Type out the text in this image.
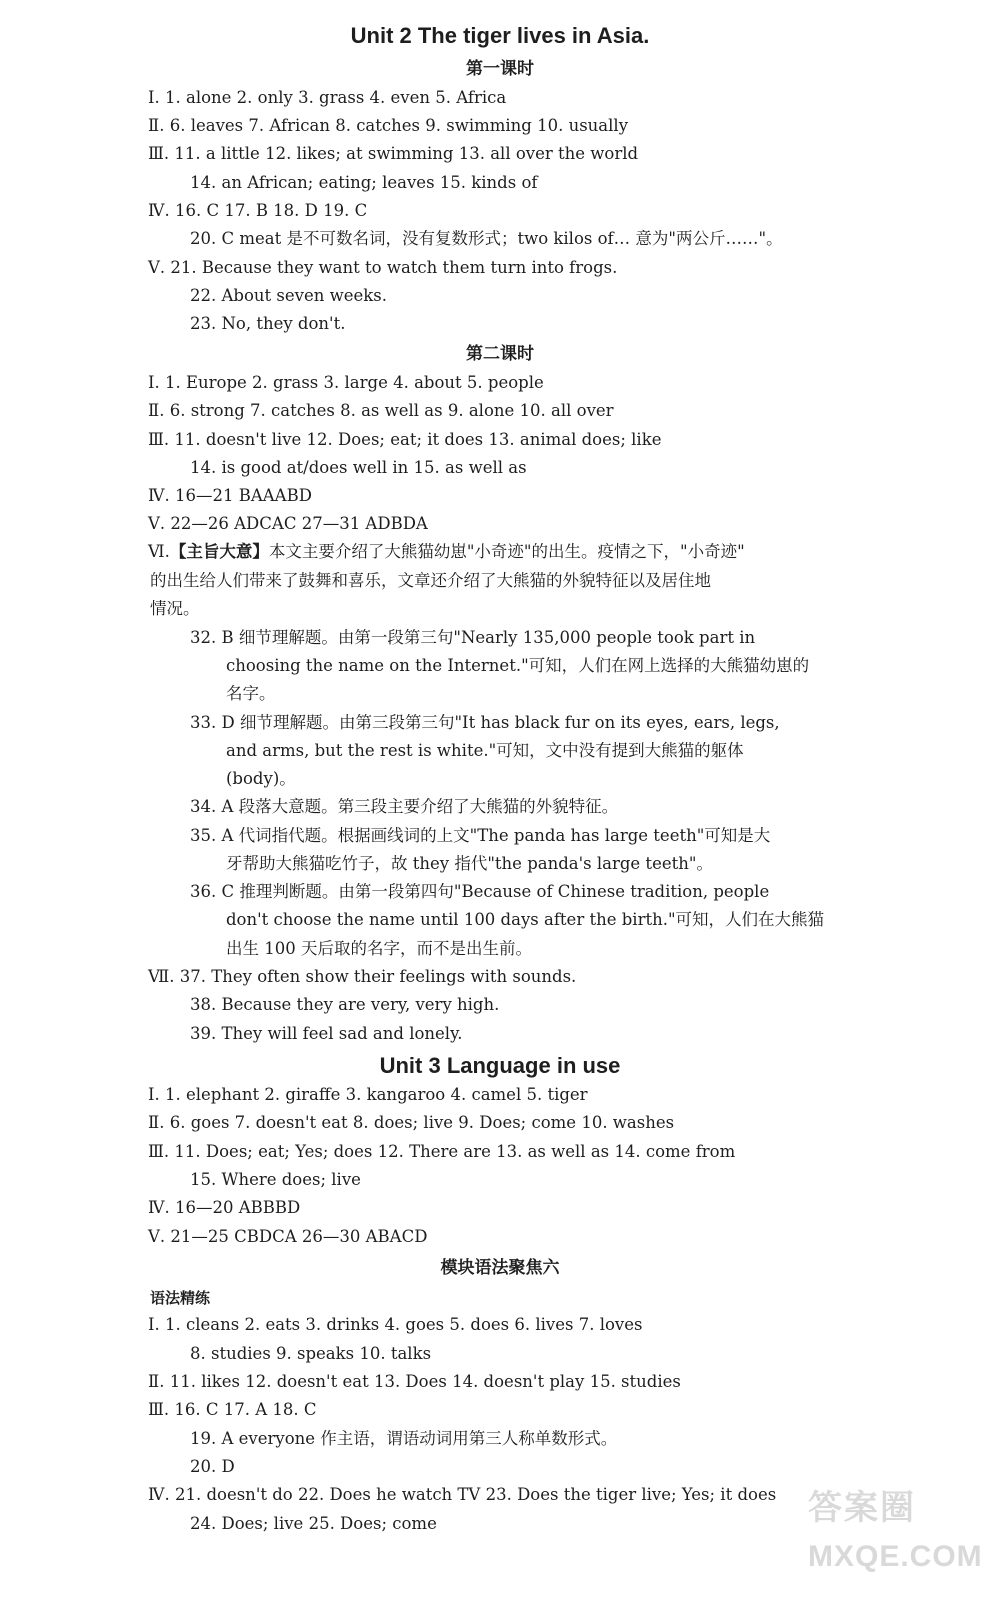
Unit 2 The tiger lives in Asia.
第一课时
Ⅰ. 1. alone 2. only 3. grass 4. even 5. Africa
Ⅱ. 6. leaves 7. African 8. catches 9. swimming 10. usually
Ⅲ. 11. a little 12. likes; at swimming 13. all over the world
14. an African; eating; leaves 15. kinds of
Ⅳ. 16. C 17. B 18. D 19. C
20. C meat 是不可数名词，没有复数形式；two kilos of… 意为"两公斤……"。
Ⅴ. 21. Because they want to watch them turn into frogs.
22. About seven weeks.
23. No, they don't.
第二课时
Ⅰ. 1. Europe 2. grass 3. large 4. about 5. people
Ⅱ. 6. strong 7. catches 8. as well as 9. alone 10. all over
Ⅲ. 11. doesn't live 12. Does; eat; it does 13. animal does; like
14. is good at/does well in 15. as well as
Ⅳ. 16—21 BAAABD
Ⅴ. 22—26 ADCAC 27—31 ADBDA
Ⅵ.【主旨大意】本文主要介绍了大熊猫幼崽"小奇迹"的出生。疫情之下，"小奇迹"
的出生给人们带来了鼓舞和喜乐，文章还介绍了大熊猫的外貌特征以及居住地
情况。
32. B 细节理解题。由第一段第三句"Nearly 135,000 people took part in
choosing the name on the Internet."可知，人们在网上选择的大熊猫幼崽的
名字。
33. D 细节理解题。由第三段第三句"It has black fur on its eyes, ears, legs,
and arms, but the rest is white."可知，文中没有提到大熊猫的躯体
(body)。
34. A 段落大意题。第三段主要介绍了大熊猫的外貌特征。
35. A 代词指代题。根据画线词的上文"The panda has large teeth"可知是大
牙帮助大熊猫吃竹子，故 they 指代"the panda's large teeth"。
36. C 推理判断题。由第一段第四句"Because of Chinese tradition, people
don't choose the name until 100 days after the birth."可知，人们在大熊猫
出生 100 天后取的名字，而不是出生前。
Ⅶ. 37. They often show their feelings with sounds.
38. Because they are very, very high.
39. They will feel sad and lonely.
Unit 3 Language in use
Ⅰ. 1. elephant 2. giraffe 3. kangaroo 4. camel 5. tiger
Ⅱ. 6. goes 7. doesn't eat 8. does; live 9. Does; come 10. washes
Ⅲ. 11. Does; eat; Yes; does 12. There are 13. as well as 14. come from
15. Where does; live
Ⅳ. 16—20 ABBBD
Ⅴ. 21—25 CBDCA 26—30 ABACD
模块语法聚焦六
语法精练
Ⅰ. 1. cleans 2. eats 3. drinks 4. goes 5. does 6. lives 7. loves
8. studies 9. speaks 10. talks
Ⅱ. 11. likes 12. doesn't eat 13. Does 14. doesn't play 15. studies
Ⅲ. 16. C 17. A 18. C
19. A everyone 作主语，谓语动词用第三人称单数形式。
20. D
Ⅳ. 21. doesn't do 22. Does he watch TV 23. Does the tiger live; Yes; it does
24. Does; live 25. Does; come	答案圈
MXQE.COM
